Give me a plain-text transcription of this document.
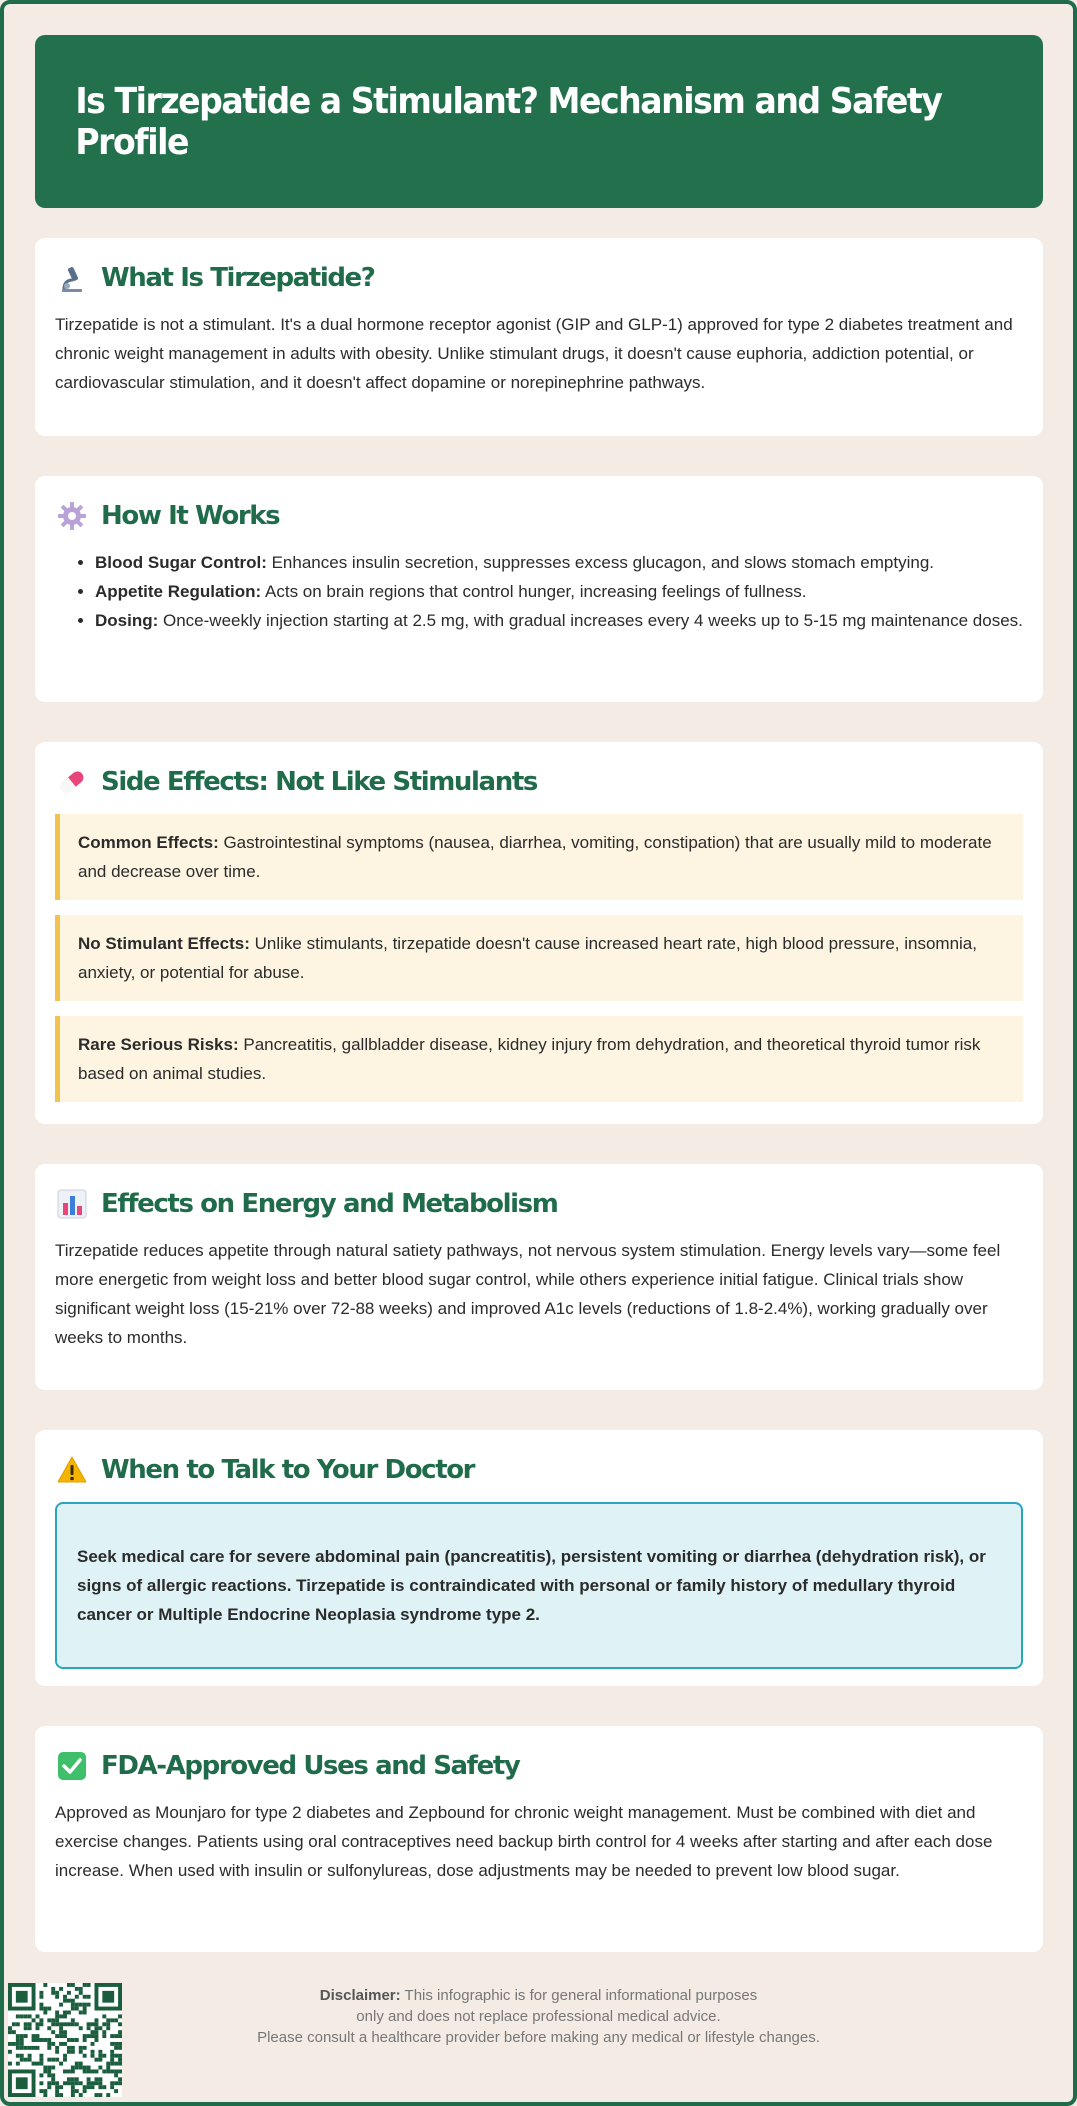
Is Tirzepatide a Stimulant? Mechanism and Safety Profile
What Is Tirzepatide?

Tirzepatide is not a stimulant. It's a dual hormone receptor agonist (GIP and GLP-1) approved for type 2 diabetes treatment and chronic weight management in adults with obesity. Unlike stimulant drugs, it doesn't cause euphoria, addiction potential, or cardiovascular stimulation, and it doesn't affect dopamine or norepinephrine pathways.

How It Works
• Blood Sugar Control: Enhances insulin secretion, suppresses excess glucagon, and slows stomach emptying.
• Appetite Regulation: Acts on brain regions that control hunger, increasing feelings of fullness.
• Dosing: Once-weekly injection starting at 2.5 mg, with gradual increases every 4 weeks up to 5-15 mg maintenance doses.
Side Effects: Not Like Stimulants
Common Effects: Gastrointestinal symptoms (nausea, diarrhea, vomiting, constipation) that are usually mild to moderate and decrease over time.
No Stimulant Effects: Unlike stimulants, tirzepatide doesn't cause increased heart rate, high blood pressure, insomnia, anxiety, or potential for abuse.
Rare Serious Risks: Pancreatitis, gallbladder disease, kidney injury from dehydration, and theoretical thyroid tumor risk based on animal studies.
Effects on Energy and Metabolism

Tirzepatide reduces appetite through natural satiety pathways, not nervous system stimulation. Energy levels vary—some feel more energetic from weight loss and better blood sugar control, while others experience initial fatigue. Clinical trials show significant weight loss (15-21% over 72-88 weeks) and improved A1c levels (reductions of 1.8-2.4%), working gradually over weeks to months.

When to Talk to Your Doctor
Seek medical care for severe abdominal pain (pancreatitis), persistent vomiting or diarrhea (dehydration risk), or signs of allergic reactions. Tirzepatide is contraindicated with personal or family history of medullary thyroid cancer or Multiple Endocrine Neoplasia syndrome type 2.
FDA-Approved Uses and Safety

Approved as Mounjaro for type 2 diabetes and Zepbound for chronic weight management. Must be combined with diet and exercise changes. Patients using oral contraceptives need backup birth control for 4 weeks after starting and after each dose increase. When used with insulin or sulfonylureas, dose adjustments may be needed to prevent low blood sugar.

Disclaimer: This infographic is for general informational purposes
only and does not replace professional medical advice.
Please consult a healthcare provider before making any medical or lifestyle changes.
